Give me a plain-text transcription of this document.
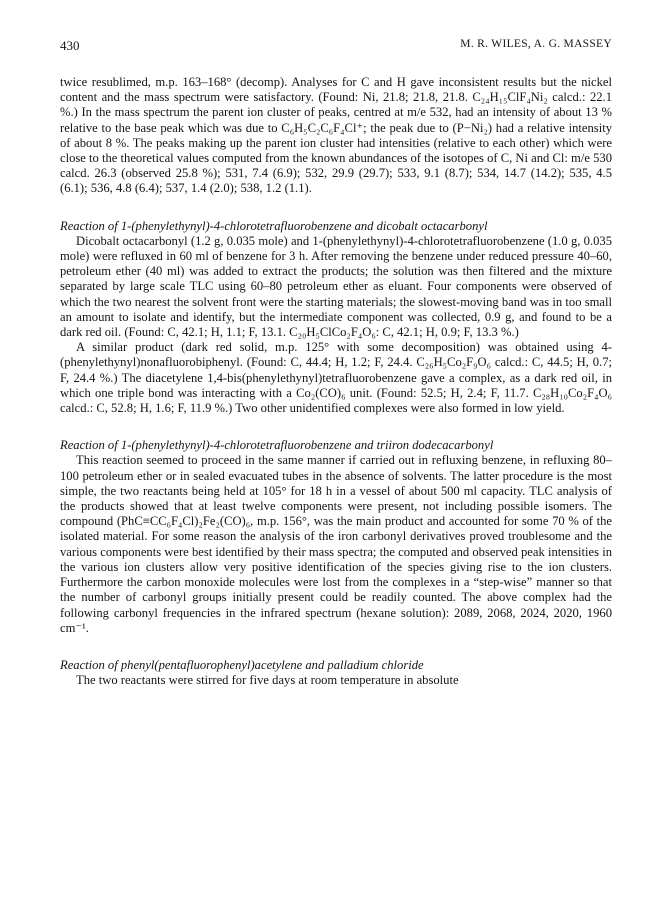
430	M. R. WILES, A. G. MASSEY

twice resublimed, m.p. 163–168° (decomp). Analyses for C and H gave inconsistent results but the nickel content and the mass spectrum were satisfactory. (Found: Ni, 21.8; 21.8, 21.8. C₂₄H₁₅ClF₄Ni₂ calcd.: 22.1 %.) In the mass spectrum the parent ion cluster of peaks, centred at m/e 532, had an intensity of about 13 % relative to the base peak which was due to C₆H₅C₂C₆F₄Cl⁺; the peak due to (P−Ni₂) had a relative intensity of about 8 %. The peaks making up the parent ion cluster had intensities (relative to each other) which were close to the theoretical values computed from the known abundances of the isotopes of C, Ni and Cl: m/e 530 calcd. 26.3 (observed 25.8 %); 531, 7.4 (6.9); 532, 29.9 (29.7); 533, 9.1 (8.7); 534, 14.7 (14.2); 535, 4.5 (6.1); 536, 4.8 (6.4); 537, 1.4 (2.0); 538, 1.2 (1.1).

Reaction of 1-(phenylethynyl)-4-chlorotetrafluorobenzene and dicobalt octacarbonyl

Dicobalt octacarbonyl (1.2 g, 0.035 mole) and 1-(phenylethynyl)-4-chlorotetrafluorobenzene (1.0 g, 0.035 mole) were refluxed in 60 ml of benzene for 3 h. After removing the benzene under reduced pressure 40–60, petroleum ether (40 ml) was added to extract the products; the solution was then filtered and the mixture separated by large scale TLC using 60–80 petroleum ether as eluant. Four components were observed of which the two nearest the solvent front were the starting materials; the slowest-moving band was in too small an amount to isolate and identify, but the intermediate component was collected, 0.9 g, and found to be a dark red oil. (Found: C, 42.1; H, 1.1; F, 13.1. C₂₀H₅ClCo₂F₄O₆: C, 42.1; H, 0.9; F, 13.3 %.)

A similar product (dark red solid, m.p. 125° with some decomposition) was obtained using 4-(phenylethynyl)nonafluorobiphenyl. (Found: C, 44.4; H, 1.2; F, 24.4. C₂₆H₅Co₂F₉O₆ calcd.: C, 44.5; H, 0.7; F, 24.4 %.) The diacetylene 1,4-bis(phenylethynyl)tetrafluorobenzene gave a complex, as a dark red oil, in which one triple bond was interacting with a Co₂(CO)₆ unit. (Found: 52.5; H, 2.4; F, 11.7. C₂₈H₁₀Co₂F₄O₆ calcd.: C, 52.8; H, 1.6; F, 11.9 %.) Two other unidentified complexes were also formed in low yield.

Reaction of 1-(phenylethynyl)-4-chlorotetrafluorobenzene and triiron dodecacarbonyl

This reaction seemed to proceed in the same manner if carried out in refluxing benzene, in refluxing 80–100 petroleum ether or in sealed evacuated tubes in the absence of solvents. The latter procedure is the most simple, the two reactants being held at 105° for 18 h in a vessel of about 500 ml capacity. TLC analysis of the products showed that at least twelve components were present, not including possible isomers. The compound (PhC≡CC₆F₄Cl)₂Fe₂(CO)₆, m.p. 156°, was the main product and accounted for some 70 % of the isolated material. For some reason the analysis of the iron carbonyl derivatives proved troublesome and the various components were best identified by their mass spectra; the computed and observed peak intensities in the various ion clusters allow very positive identification of the species giving rise to the ion clusters. Furthermore the carbon monoxide molecules were lost from the complexes in a “step-wise” manner so that the number of carbonyl groups initially present could be readily counted. The above complex had the following carbonyl frequencies in the infrared spectrum (hexane solution): 2089, 2068, 2024, 2020, 1960 cm⁻¹.

Reaction of phenyl(pentafluorophenyl)acetylene and palladium chloride

The two reactants were stirred for five days at room temperature in absolute
